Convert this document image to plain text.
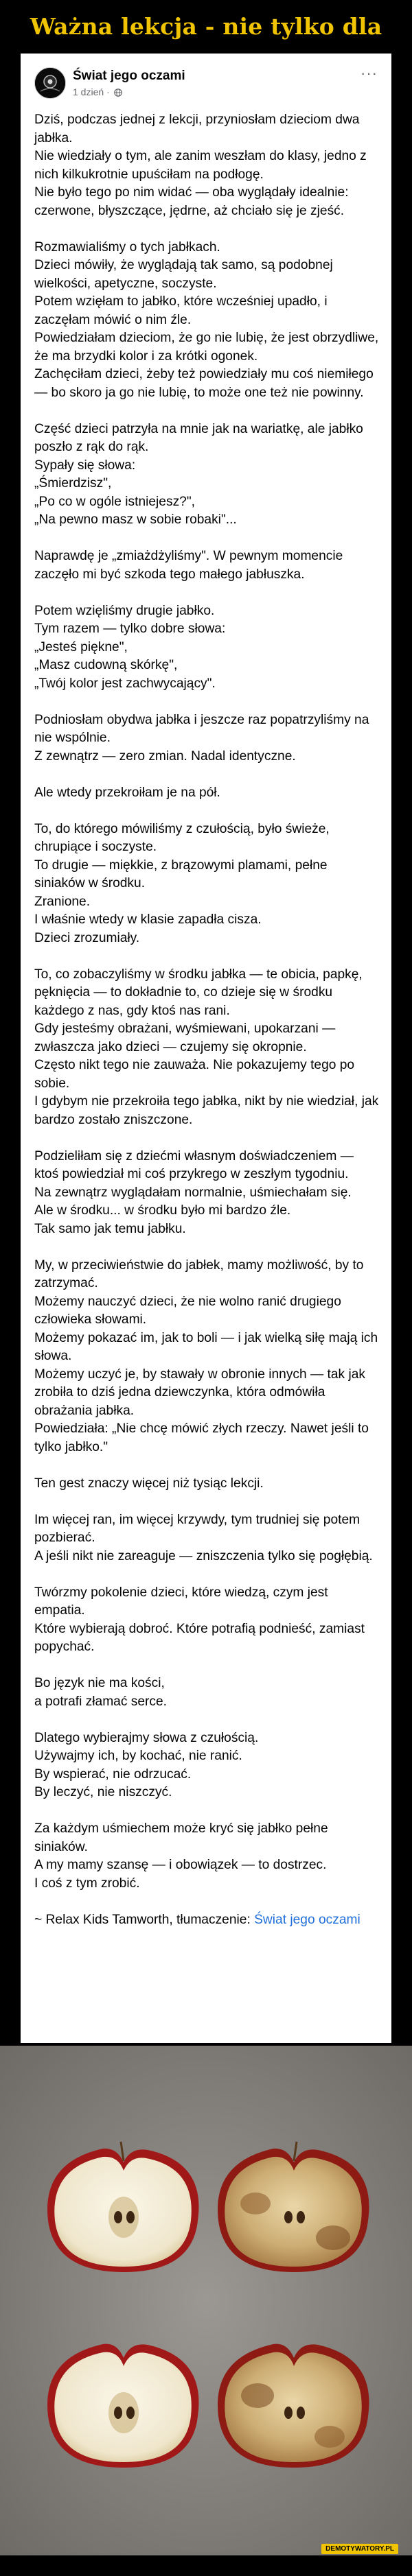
Ważna lekcja - nie tylko dla
Świat jego oczami
1 dzień ·
···

Dziś, podczas jednej z lekcji, przyniosłam dzieciom dwa jabłka.
Nie wiedziały o tym, ale zanim weszłam do klasy, jedno z nich kilkukrotnie upuściłam na podłogę.
Nie było tego po nim widać — oba wyglądały idealnie: czerwone, błyszczące, jędrne, aż chciało się je zjeść.

Rozmawialiśmy o tych jabłkach.
Dzieci mówiły, że wyglądają tak samo, są podobnej wielkości, apetyczne, soczyste.
Potem wzięłam to jabłko, które wcześniej upadło, i zaczęłam mówić o nim źle.
Powiedziałam dzieciom, że go nie lubię, że jest obrzydliwe, że ma brzydki kolor i za krótki ogonek.
Zachęciłam dzieci, żeby też powiedziały mu coś niemiłego — bo skoro ja go nie lubię, to może one też nie powinny.

Część dzieci patrzyła na mnie jak na wariatkę, ale jabłko poszło z rąk do rąk.
Sypały się słowa:
„Śmierdzisz",
„Po co w ogóle istniejesz?",
„Na pewno masz w sobie robaki"...

Naprawdę je „zmiażdżyliśmy". W pewnym momencie zaczęło mi być szkoda tego małego jabłuszka.

Potem wzięliśmy drugie jabłko.
Tym razem — tylko dobre słowa:
„Jesteś piękne",
„Masz cudowną skórkę",
„Twój kolor jest zachwycający".

Podniosłam obydwa jabłka i jeszcze raz popatrzyliśmy na nie wspólnie.
Z zewnątrz — zero zmian. Nadal identyczne.

Ale wtedy przekroiłam je na pół.

To, do którego mówiliśmy z czułością, było świeże, chrupiące i soczyste.
To drugie — miękkie, z brązowymi plamami, pełne siniaków w środku.
Zranione.
I właśnie wtedy w klasie zapadła cisza.
Dzieci zrozumiały.

To, co zobaczyliśmy w środku jabłka — te obicia, papkę, pęknięcia — to dokładnie to, co dzieje się w środku każdego z nas, gdy ktoś nas rani.
Gdy jesteśmy obrażani, wyśmiewani, upokarzani — zwłaszcza jako dzieci — czujemy się okropnie.
Często nikt tego nie zauważa. Nie pokazujemy tego po sobie.
I gdybym nie przekroiła tego jabłka, nikt by nie wiedział, jak bardzo zostało zniszczone.

Podzieliłam się z dziećmi własnym doświadczeniem — ktoś powiedział mi coś przykrego w zeszłym tygodniu.
Na zewnątrz wyglądałam normalnie, uśmiechałam się.
Ale w środku... w środku było mi bardzo źle.
Tak samo jak temu jabłku.

My, w przeciwieństwie do jabłek, mamy możliwość, by to zatrzymać.
Możemy nauczyć dzieci, że nie wolno ranić drugiego człowieka słowami.
Możemy pokazać im, jak to boli — i jak wielką siłę mają ich słowa.
Możemy uczyć je, by stawały w obronie innych — tak jak zrobiła to dziś jedna dziewczynka, która odmówiła obrażania jabłka.
Powiedziała: „Nie chcę mówić złych rzeczy. Nawet jeśli to tylko jabłko."

Ten gest znaczy więcej niż tysiąc lekcji.

Im więcej ran, im więcej krzywdy, tym trudniej się potem pozbierać.
A jeśli nikt nie zareaguje — zniszczenia tylko się pogłębią.

Twórzmy pokolenie dzieci, które wiedzą, czym jest empatia.
Które wybierają dobroć. Które potrafią podnieść, zamiast popychać.

Bo język nie ma kości,
a potrafi złamać serce.

Dlatego wybierajmy słowa z czułością.
Używajmy ich, by kochać, nie ranić.
By wspierać, nie odrzucać.
By leczyć, nie niszczyć.

Za każdym uśmiechem może kryć się jabłko pełne siniaków.
A my mamy szansę — i obowiązek — to dostrzec.
I coś z tym zrobić.

~ Relax Kids Tamworth, tłumaczenie: Świat jego oczami

DEMOTYWATORY.PL
